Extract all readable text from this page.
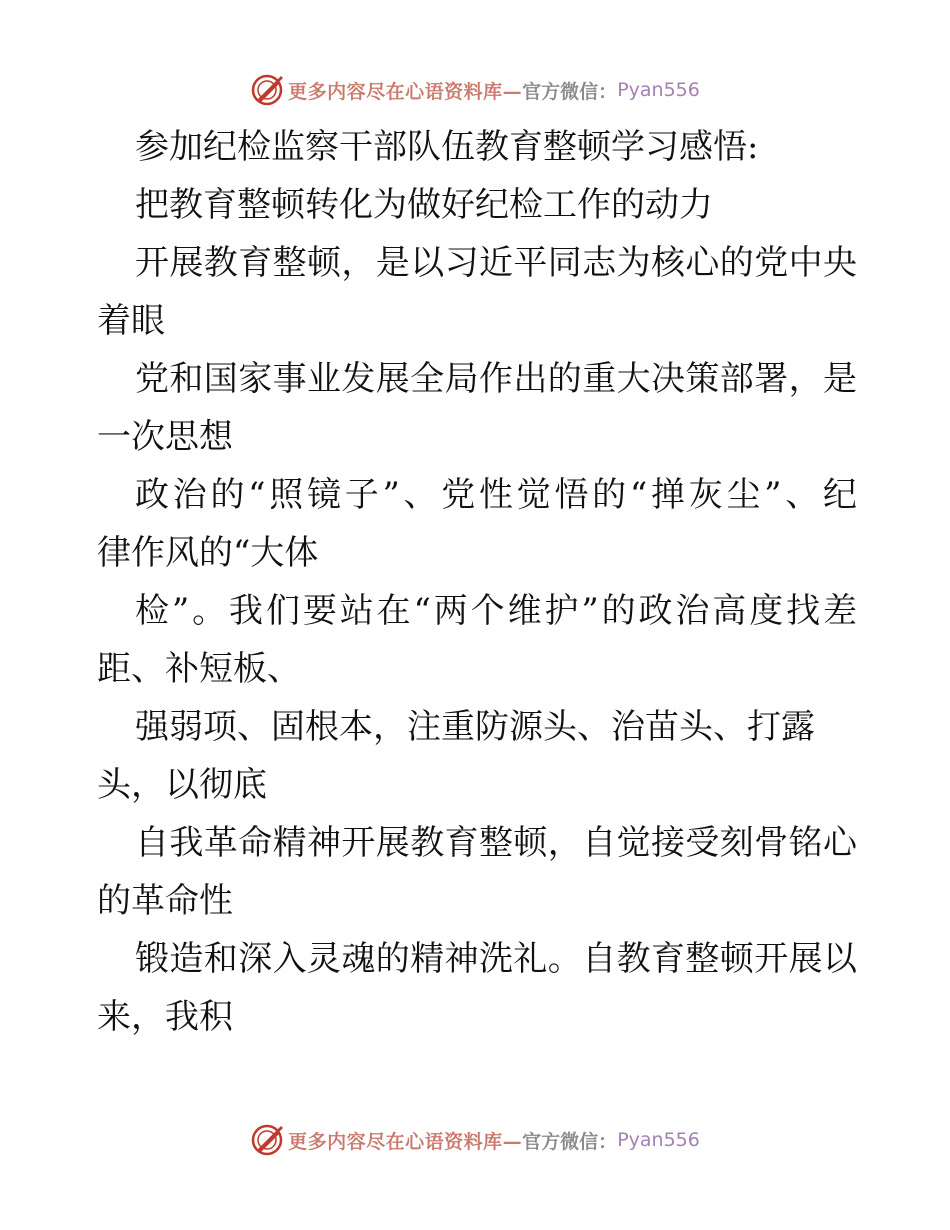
更多内容尽在心语资料库— 官方微信： Pyan556
参加纪检监察干部队伍教育整顿学习感悟:
把教育整顿转化为做好纪检工作的动力
开展教育整顿，是以习近平同志为核心的党中央
着眼
党和国家事业发展全局作出的重大决策部署，是
一次思想
政治的“照镜子”、党性觉悟的“掸灰尘”、纪
律作风的“大体
检”。我们要站在“两个维护”的政治高度找差
距、补短板、
强弱项、固根本，注重防源头、治苗头、打露
头，以彻底
自我革命精神开展教育整顿，自觉接受刻骨铭心
的革命性
锻造和深入灵魂的精神洗礼。自教育整顿开展以
来，我积
更多内容尽在心语资料库— 官方微信： Pyan556
